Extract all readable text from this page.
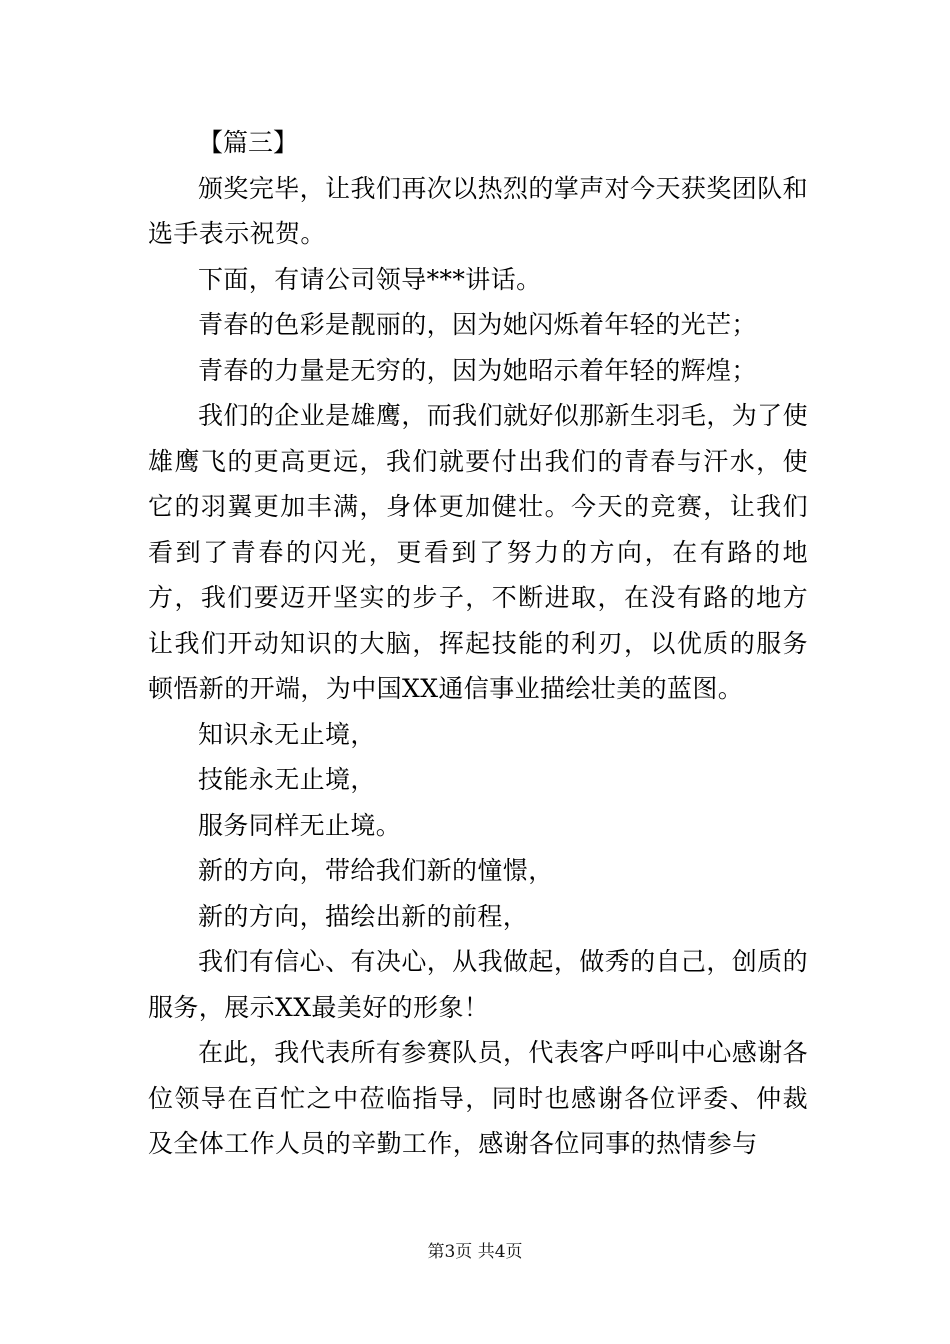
【篇三】

颁奖完毕，让我们再次以热烈的掌声对今天获奖团队和选手表示祝贺。

下面，有请公司领导***讲话。

青春的色彩是靓丽的，因为她闪烁着年轻的光芒；

青春的力量是无穷的，因为她昭示着年轻的辉煌；

我们的企业是雄鹰，而我们就好似那新生羽毛，为了使雄鹰飞的更高更远，我们就要付出我们的青春与汗水，使它的羽翼更加丰满，身体更加健壮。今天的竞赛，让我们看到了青春的闪光，更看到了努力的方向，在有路的地方，我们要迈开坚实的步子，不断进取，在没有路的地方让我们开动知识的大脑，挥起技能的利刃，以优质的服务顿悟新的开端，为中国XX通信事业描绘壮美的蓝图。

知识永无止境，

技能永无止境，

服务同样无止境。

新的方向，带给我们新的憧憬，

新的方向，描绘出新的前程，

我们有信心、有决心，从我做起，做秀的自己，创质的服务，展示XX最美好的形象！

在此，我代表所有参赛队员，代表客户呼叫中心感谢各位领导在百忙之中莅临指导，同时也感谢各位评委、仲裁及全体工作人员的辛勤工作，感谢各位同事的热情参与

第3页 共4页
